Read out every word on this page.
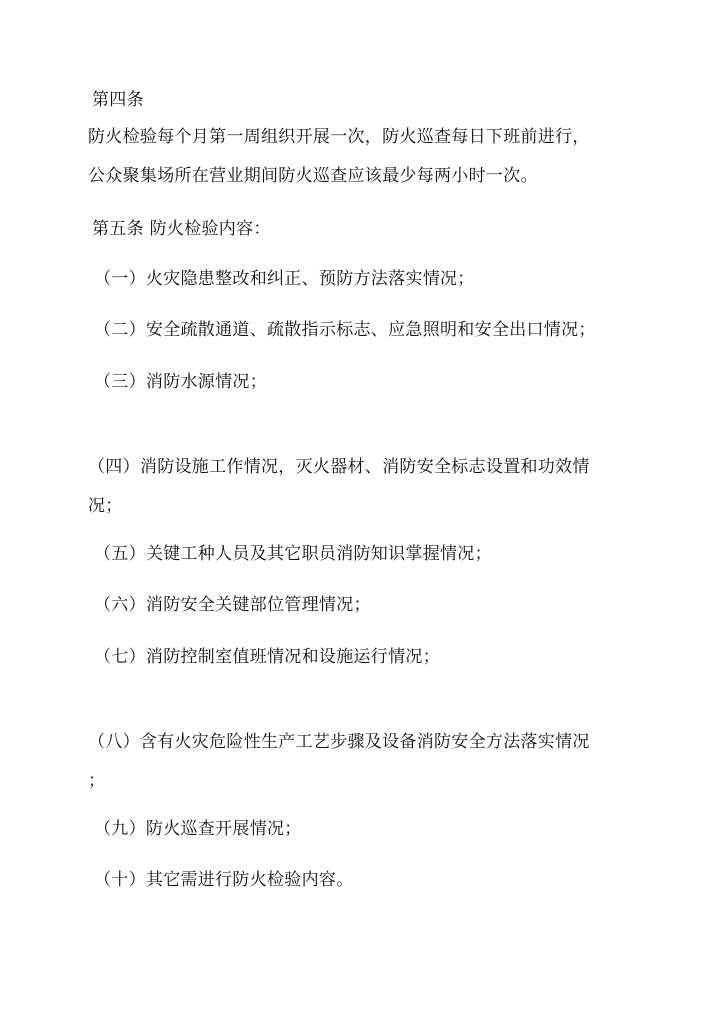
第四条
防火检验每个月第一周组织开展一次，防火巡查每日下班前进行，
公众聚集场所在营业期间防火巡查应该最少每两小时一次。
第五条 防火检验内容：
（一）火灾隐患整改和纠正、预防方法落实情况；
（二）安全疏散通道、疏散指示标志、应急照明和安全出口情况；
（三）消防水源情况；
（四）消防设施工作情况，灭火器材、消防安全标志设置和功效情
况；
（五）关键工种人员及其它职员消防知识掌握情况；
（六）消防安全关键部位管理情况；
（七）消防控制室值班情况和设施运行情况；
（八）含有火灾危险性生产工艺步骤及设备消防安全方法落实情况
；
（九）防火巡查开展情况；
（十）其它需进行防火检验内容。
